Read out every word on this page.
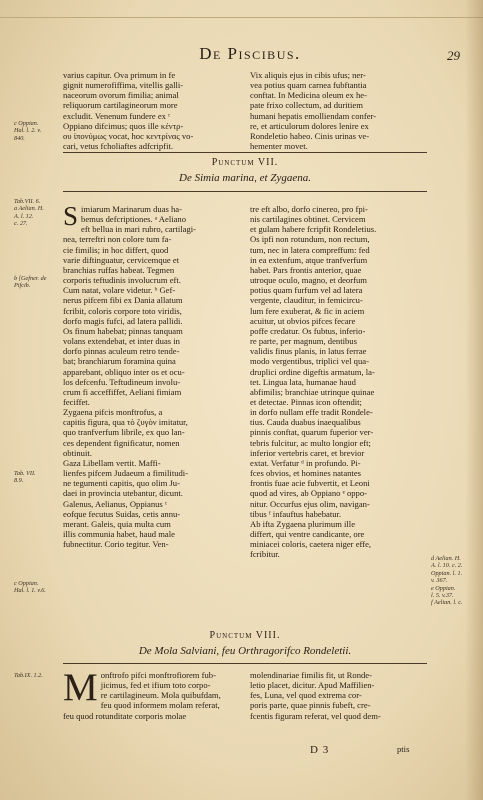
De Piscibus.	29

varius capitur. Ova primum in fe

gignit numerofiffima, vitellis galli-

naceorum ovorum fimilia; animal

reliquorum cartilagineorum more

excludit. Venenum fundere ex ᶜ

Oppiano difcimus; quos ille κέντρ-

ου ἰπονύμως vocat, hoc κεντρίνας vo-

cari, vetus fcholiaftes adfcripfit.

Vix aliquis ejus in cibis ufus; ner-

vea potius quam carnea fubftantia

conftat. In Medicina oleum ex he-

pate frixo collectum, ad duritiem

humani hepatis emolliendam confer-

re, et articulorum dolores lenire ex

Rondeletio habeo. Cinis urinas ve-

hementer movet.

c Oppian.
Hal. l. 2. v.
840.
Punctum VII.
De Simia marina, et Zygaena.
Tab.VII. 6.
a Aelian. H.
A. l. 12.
c. 27.
b [Gefner. de
Pifcib.
Tab. VII.
8.9.
c Oppian.
Hal. l. 1. v.6.
d Aelian. H.
A. l. 10. c. 2.
Oppian. l. 1.
v. 367.
e Oppian.
l. 5. v.37.
f Aelian. l. c.
S imiarum Marinarum duas ha-

bemus defcriptiones. ᵃ Aeliano

eft bellua in mari rubro, cartilagi-

nea, terreftri non colore tum fa-

cie fimilis; in hoc differt, quod

varie diftinguatur, cervicemque et

branchias ruffas habeat. Tegmen

corporis teftudinis involucrum eft.

Cum natat, volare videtur. ᵇ Gef-

nerus pifcem fibi ex Dania allatum

fcribit, coloris corpore toto viridis,

dorfo magis fufci, ad latera pallidi.

Os finum habebat; pinnas tanquam

volans extendebat, et inter duas in

dorfo pinnas aculeum retro tende-

bat; branchiarum foramina quina

apparebant, obliquo inter os et ocu-

los defcenfu. Teftudineum involu-

crum fi acceffiffet, Aeliani fimiam

feciffet.

Zygaena pifcis monftrofus, a

capitis figura, qua τὸ ζυγὸν imitatur,

quo tranfverfum librile, ex quo lan-

ces dependent fignificatur, nomen

obtinuit.

Gaza Libellam vertit. Maffi-

lienfes pifcem Judaeum a fimilitudi-

ne tegumenti capitis, quo olim Ju-

daei in provincia utebantur, dicunt.

Galenus, Aelianus, Oppianus ᶜ

eofque fecutus Suidas, cetis annu-

merant. Galeis, quia multa cum

illis communia habet, haud male

fubnectitur. Corio tegitur. Ven-

tre eft albo, dorfo cinereo, pro fpi-

nis cartilagines obtinet. Cervicem

et gulam habere fcripfit Rondeletius.

Os ipfi non rotundum, non rectum,

tum, nec in latera compreffum: fed

in ea extenfum, atque tranfverfum

habet. Pars frontis anterior, quae

utroque oculo, magno, et deorfum

potius quam furfum vel ad latera

vergente, clauditur, in femicircu-

lum fere exuberat, & fic in aciem

acuitur, ut obvios pifces fecare

poffe credatur. Os fubtus, inferio-

re parte, per magnum, dentibus

validis finus planis, in latus ferrae

modo vergentibus, triplici vel qua-

druplici ordine digeftis armatum, la-

tet. Lingua lata, humanae haud

abfimilis; branchiae utrinque quinae

et detectae. Pinnas icon oftendit;

in dorfo nullam effe tradit Rondele-

tius. Cauda duabus inaequalibus

pinnis conftat, quarum fuperior ver-

tebris fulcitur, ac multo longior eft;

inferior vertebris caret, et brevior

extat. Verfatur ᵈ in profundo. Pi-

fces obvios, et homines natantes

frontis fuae acie fubvertit, et Leoni

quod ad vires, ab Oppiano ᵉ oppo-

nitur. Occurfus ejus olim, navigan-

tibus ᶠ infauftus habebatur.

Ab ifta Zygaena plurimum ille

differt, qui ventre candicante, ore

miniacei coloris, caetera niger effe,

fcribitur.

Punctum VIII.
De Mola Salviani, feu Orthragorifco Rondeletii.
Tab.IX. 1.2. M onftrofo pifci monftrofiorem fub-

jicimus, fed et ifium toto corpo-

re cartilagineum. Mola quibufdam,

feu quod informem molam referat,

feu quod rotunditate corporis molae

molendinariae fimilis fit, ut Ronde-

letio placet, dicitur. Apud Maffilien-

fes, Luna, vel quod extrema cor-

poris parte, quae pinnis fubeft, cre-

fcentis figuram referat, vel quod dem-

D 3	ptis
